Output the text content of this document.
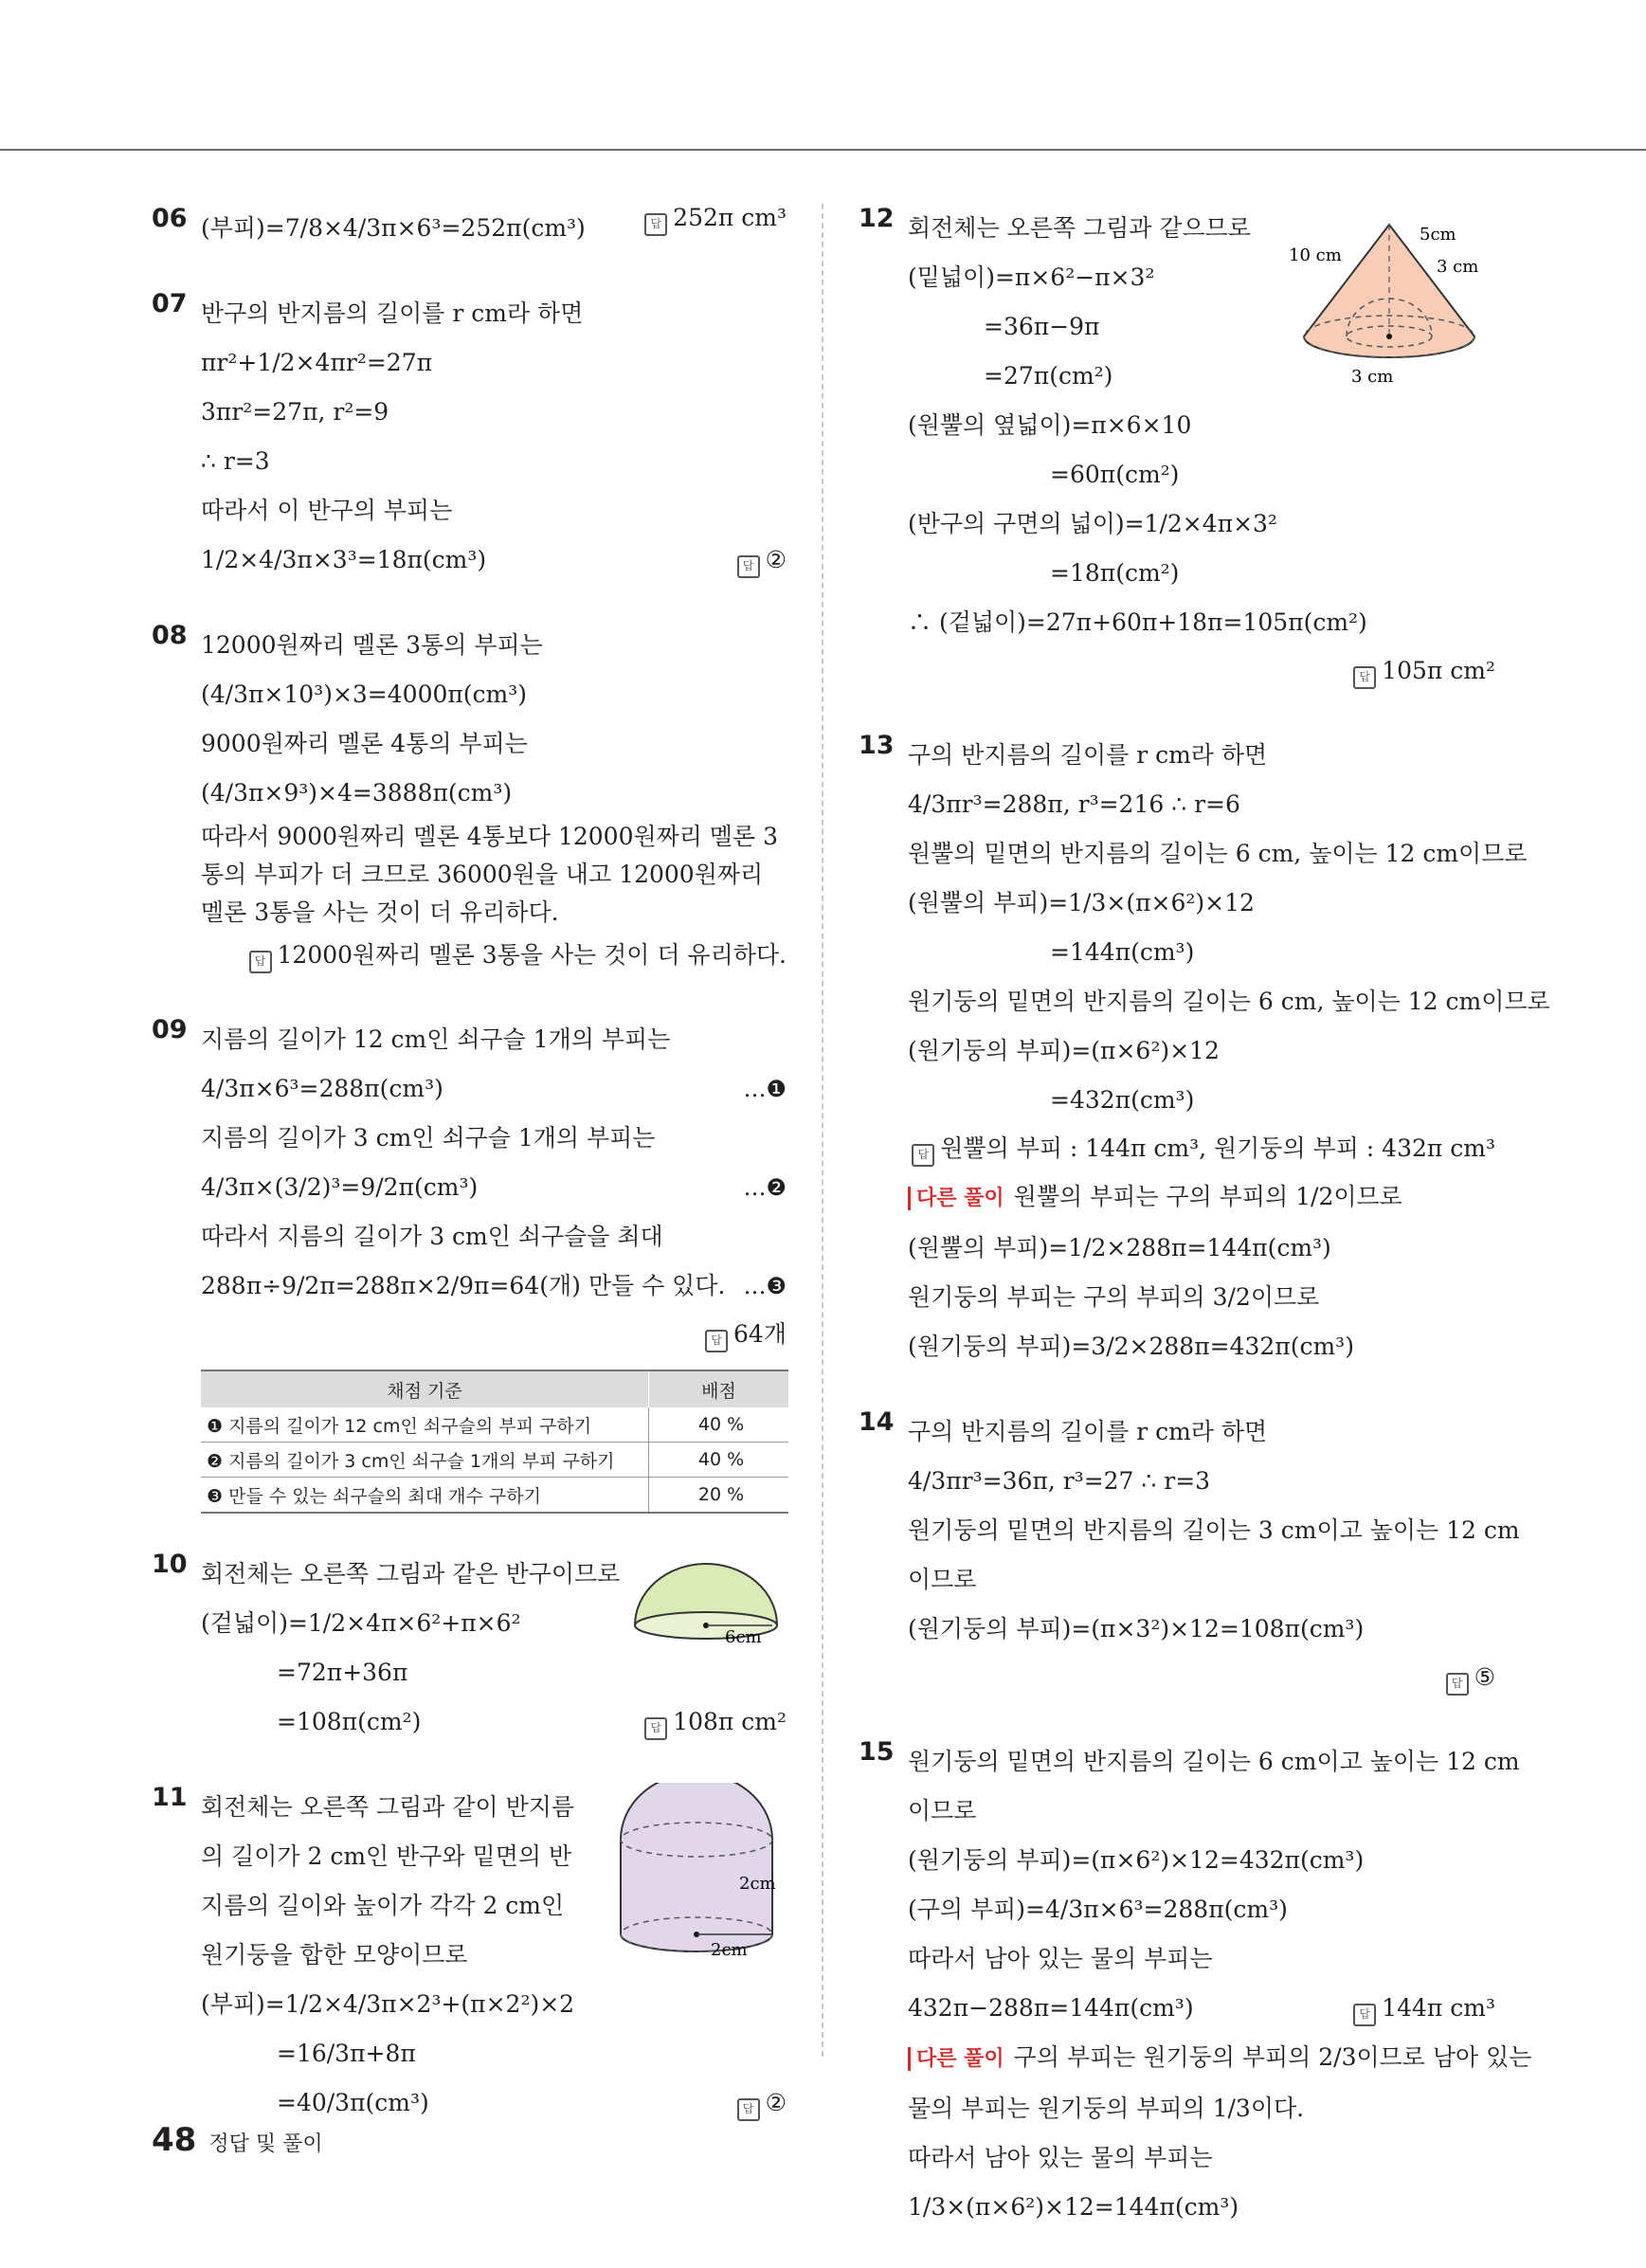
06 (부피)=7/8×4/3π×6³=252π(cm³)	답 252π cm³
07 반구의 반지름의 길이를 r cm라 하면
πr²+1/2×4πr²=27π
3πr²=27π, r²=9
∴ r=3
따라서 이 반구의 부피는
1/2×4/3π×3³=18π(cm³)	답 ②
08 12000원짜리 멜론 3통의 부피는
(4/3π×10³)×3=4000π(cm³)
9000원짜리 멜론 4통의 부피는
(4/3π×9³)×4=3888π(cm³)
따라서 9000원짜리 멜론 4통보다 12000원짜리 멜론 3통의 부피가 더 크므로 36000원을 내고 12000원짜리 멜론 3통을 사는 것이 더 유리하다.
답 12000원짜리 멜론 3통을 사는 것이 더 유리하다.
09 지름의 길이가 12 cm인 쇠구슬 1개의 부피는
4/3π×6³=288π(cm³)	…❶
지름의 길이가 3 cm인 쇠구슬 1개의 부피는
4/3π×(3/2)³=9/2π(cm³)	…❷
따라서 지름의 길이가 3 cm인 쇠구슬을 최대
288π÷9/2π=288π×2/9π=64(개) 만들 수 있다. …❸
답 64개
채점 기준	배점
❶ 지름의 길이가 12 cm인 쇠구슬의 부피 구하기	40 %
❷ 지름의 길이가 3 cm인 쇠구슬 1개의 부피 구하기	40 %
❸ 만들 수 있는 쇠구슬의 최대 개수 구하기	20 %
10 회전체는 오른쪽 그림과 같은 반구이므로
(겉넓이)=1/2×4π×6²+π×6²
=72π+36π
=108π(cm²)	답 108π cm²
6cm
11 회전체는 오른쪽 그림과 같이 반지름
의 길이가 2 cm인 반구와 밑면의 반
지름의 길이와 높이가 각각 2 cm인
원기둥을 합한 모양이므로
(부피)=1/2×4/3π×2³+(π×2²)×2
=16/3π+8π
=40/3π(cm³)	답 ②
2cm
2cm
12 회전체는 오른쪽 그림과 같으므로
(밑넓이)=π×6²−π×3²
=36π−9π
=27π(cm²)
(원뿔의 옆넓이)=π×6×10
=60π(cm²)
(반구의 구면의 넓이)=1/2×4π×3²
=18π(cm²)
∴ (겉넓이)=27π+60π+18π=105π(cm²)
답 105π cm²
5cm
10 cm
3 cm
3 cm
13 구의 반지름의 길이를 r cm라 하면
4/3πr³=288π, r³=216 ∴ r=6
원뿔의 밑면의 반지름의 길이는 6 cm, 높이는 12 cm이므로
(원뿔의 부피)=1/3×(π×6²)×12
=144π(cm³)
원기둥의 밑면의 반지름의 길이는 6 cm, 높이는 12 cm이므로
(원기둥의 부피)=(π×6²)×12
=432π(cm³)
답 원뿔의 부피 : 144π cm³, 원기둥의 부피 : 432π cm³
다른 풀이 원뿔의 부피는 구의 부피의 1/2이므로
(원뿔의 부피)=1/2×288π=144π(cm³)
원기둥의 부피는 구의 부피의 3/2이므로
(원기둥의 부피)=3/2×288π=432π(cm³)
14 구의 반지름의 길이를 r cm라 하면
4/3πr³=36π, r³=27 ∴ r=3
원기둥의 밑면의 반지름의 길이는 3 cm이고 높이는 12 cm
이므로
(원기둥의 부피)=(π×3²)×12=108π(cm³)
답 ⑤
15 원기둥의 밑면의 반지름의 길이는 6 cm이고 높이는 12 cm
이므로
(원기둥의 부피)=(π×6²)×12=432π(cm³)
(구의 부피)=4/3π×6³=288π(cm³)
따라서 남아 있는 물의 부피는
432π−288π=144π(cm³)	답 144π cm³
다른 풀이 구의 부피는 원기둥의 부피의 2/3이므로 남아 있는
물의 부피는 원기둥의 부피의 1/3이다.
따라서 남아 있는 물의 부피는
1/3×(π×6²)×12=144π(cm³)
48 정답 및 풀이
